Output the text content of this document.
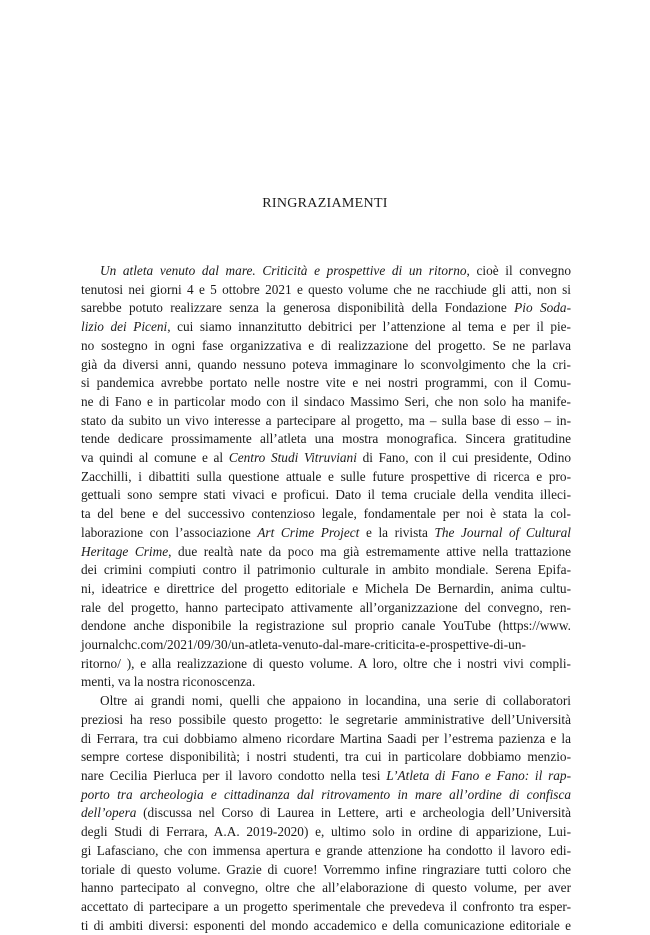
RINGRAZIAMENTI
Un atleta venuto dal mare. Criticità e prospettive di un ritorno, cioè il convegno
tenutosi nei giorni 4 e 5 ottobre 2021 e questo volume che ne racchiude gli atti, non si
sarebbe potuto realizzare senza la generosa disponibilità della Fondazione Pio Soda-
lizio dei Piceni, cui siamo innanzitutto debitrici per l’attenzione al tema e per il pie-
no sostegno in ogni fase organizzativa e di realizzazione del progetto. Se ne parlava
già da diversi anni, quando nessuno poteva immaginare lo sconvolgimento che la cri-
si pandemica avrebbe portato nelle nostre vite e nei nostri programmi, con il Comu-
ne di Fano e in particolar modo con il sindaco Massimo Seri, che non solo ha manife-
stato da subito un vivo interesse a partecipare al progetto, ma – sulla base di esso – in-
tende dedicare prossimamente all’atleta una mostra monografica. Sincera gratitudine
va quindi al comune e al Centro Studi Vitruviani di Fano, con il cui presidente, Odino
Zacchilli, i dibattiti sulla questione attuale e sulle future prospettive di ricerca e pro-
gettuali sono sempre stati vivaci e proficui. Dato il tema cruciale della vendita illeci-
ta del bene e del successivo contenzioso legale, fondamentale per noi è stata la col-
laborazione con l’associazione Art Crime Project e la rivista The Journal of Cultural
Heritage Crime, due realtà nate da poco ma già estremamente attive nella trattazione
dei crimini compiuti contro il patrimonio culturale in ambito mondiale. Serena Epifa-
ni, ideatrice e direttrice del progetto editoriale e Michela De Bernardin, anima cultu-
rale del progetto, hanno partecipato attivamente all’organizzazione del convegno, ren-
dendone anche disponibile la registrazione sul proprio canale YouTube (https://www.
journalchc.com/2021/09/30/un-atleta-venuto-dal-mare-criticita-e-prospettive-di-un-
ritorno/ ), e alla realizzazione di questo volume. A loro, oltre che i nostri vivi compli-
menti, va la nostra riconoscenza.
Oltre ai grandi nomi, quelli che appaiono in locandina, una serie di collaboratori
preziosi ha reso possibile questo progetto: le segretarie amministrative dell’Università
di Ferrara, tra cui dobbiamo almeno ricordare Martina Saadi per l’estrema pazienza e la
sempre cortese disponibilità; i nostri studenti, tra cui in particolare dobbiamo menzio-
nare Cecilia Pierluca per il lavoro condotto nella tesi L’Atleta di Fano e Fano: il rap-
porto tra archeologia e cittadinanza dal ritrovamento in mare all’ordine di confisca
dell’opera (discussa nel Corso di Laurea in Lettere, arti e archeologia dell’Università
degli Studi di Ferrara, A.A. 2019-2020) e, ultimo solo in ordine di apparizione, Lui-
gi Lafasciano, che con immensa apertura e grande attenzione ha condotto il lavoro edi-
toriale di questo volume. Grazie di cuore! Vorremmo infine ringraziare tutti coloro che
hanno partecipato al convegno, oltre che all’elaborazione di questo volume, per aver
accettato di partecipare a un progetto sperimentale che prevedeva il confronto tra esper-
ti di ambiti diversi: esponenti del mondo accademico e della comunicazione editoriale e
